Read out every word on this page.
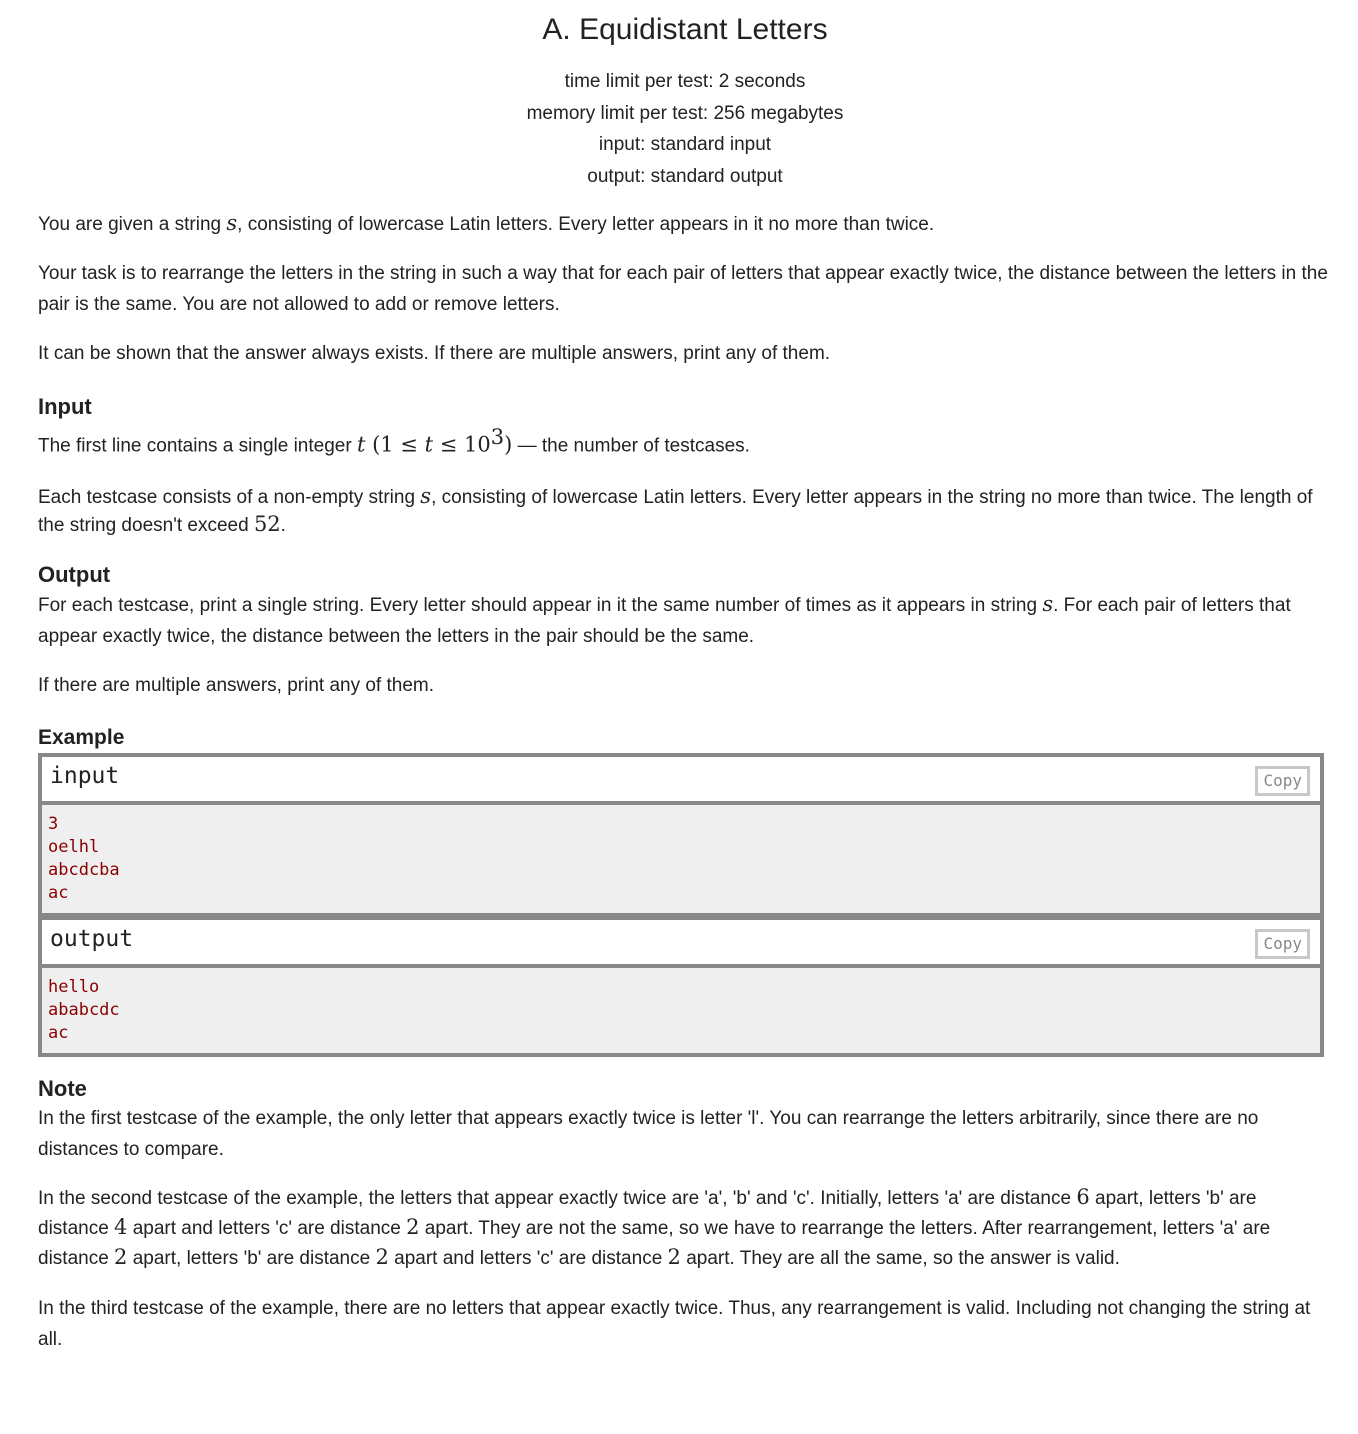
A. Equidistant Letters
time limit per test: 2 seconds
memory limit per test: 256 megabytes
input: standard input
output: standard output

You are given a string s, consisting of lowercase Latin letters. Every letter appears in it no more than twice.

Your task is to rearrange the letters in the string in such a way that for each pair of letters that appear exactly twice, the distance between the letters in the pair is the same. You are not allowed to add or remove letters.

It can be shown that the answer always exists. If there are multiple answers, print any of them.

Input

The first line contains a single integer t $(1 \le t \le 10^3)$ — the number of testcases.

Each testcase consists of a non-empty string s, consisting of lowercase Latin letters. Every letter appears in the string no more than twice. The length of the string doesn't exceed 52.

Output

For each testcase, print a single string. Every letter should appear in it the same number of times as it appears in string s. For each pair of letters that appear exactly twice, the distance between the letters in the pair should be the same.

If there are multiple answers, print any of them.

Example
input	Copy
3
oelhl
abcdcba
ac
output	Copy
hello
ababcdc
ac
Note

In the first testcase of the example, the only letter that appears exactly twice is letter 'l'. You can rearrange the letters arbitrarily, since there are no distances to compare.

In the second testcase of the example, the letters that appear exactly twice are 'a', 'b' and 'c'. Initially, letters 'a' are distance 6 apart, letters 'b' are distance 4 apart and letters 'c' are distance 2 apart. They are not the same, so we have to rearrange the letters. After rearrangement, letters 'a' are distance 2 apart, letters 'b' are distance 2 apart and letters 'c' are distance 2 apart. They are all the same, so the answer is valid.

In the third testcase of the example, there are no letters that appear exactly twice. Thus, any rearrangement is valid. Including not changing the string at all.
